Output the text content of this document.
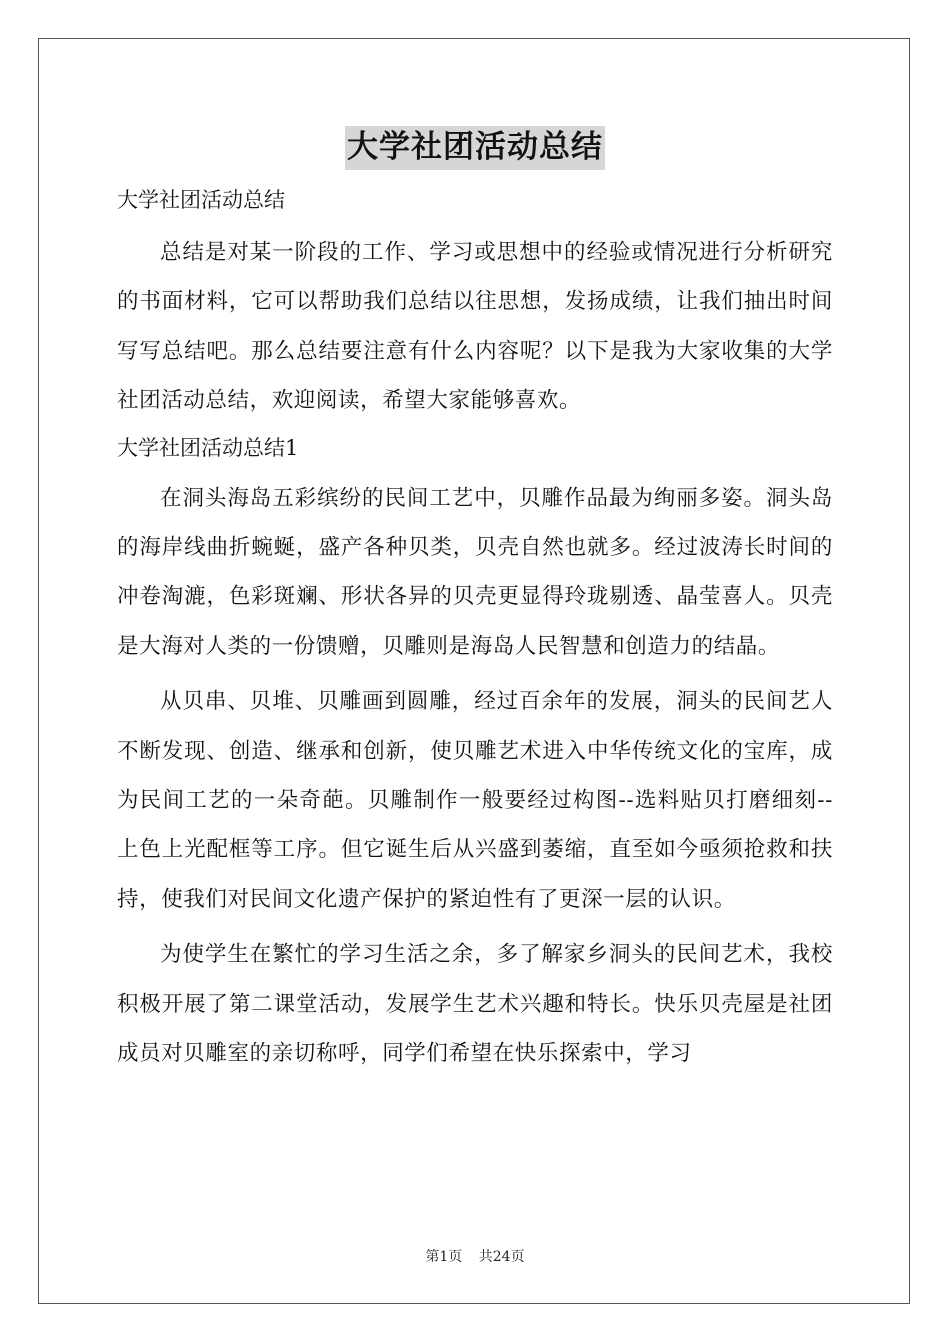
大学社团活动总结

大学社团活动总结

总结是对某一阶段的工作、学习或思想中的经验或情况进行分析研究的书面材料，它可以帮助我们总结以往思想，发扬成绩，让我们抽出时间写写总结吧。那么总结要注意有什么内容呢？以下是我为大家收集的大学社团活动总结，欢迎阅读，希望大家能够喜欢。

大学社团活动总结1

在洞头海岛五彩缤纷的民间工艺中，贝雕作品最为绚丽多姿。洞头岛的海岸线曲折蜿蜒，盛产各种贝类，贝壳自然也就多。经过波涛长时间的冲卷淘漉，色彩斑斓、形状各异的贝壳更显得玲珑剔透、晶莹喜人。贝壳是大海对人类的一份馈赠，贝雕则是海岛人民智慧和创造力的结晶。

从贝串、贝堆、贝雕画到圆雕，经过百余年的发展，洞头的民间艺人不断发现、创造、继承和创新，使贝雕艺术进入中华传统文化的宝库，成为民间工艺的一朵奇葩。贝雕制作一般要经过构图--选料贴贝打磨细刻--上色上光配框等工序。但它诞生后从兴盛到萎缩，直至如今亟须抢救和扶持，使我们对民间文化遗产保护的紧迫性有了更深一层的认识。

为使学生在繁忙的学习生活之余，多了解家乡洞头的民间艺术，我校积极开展了第二课堂活动，发展学生艺术兴趣和特长。快乐贝壳屋是社团成员对贝雕室的亲切称呼，同学们希望在快乐探索中，学习

第1页 共24页
